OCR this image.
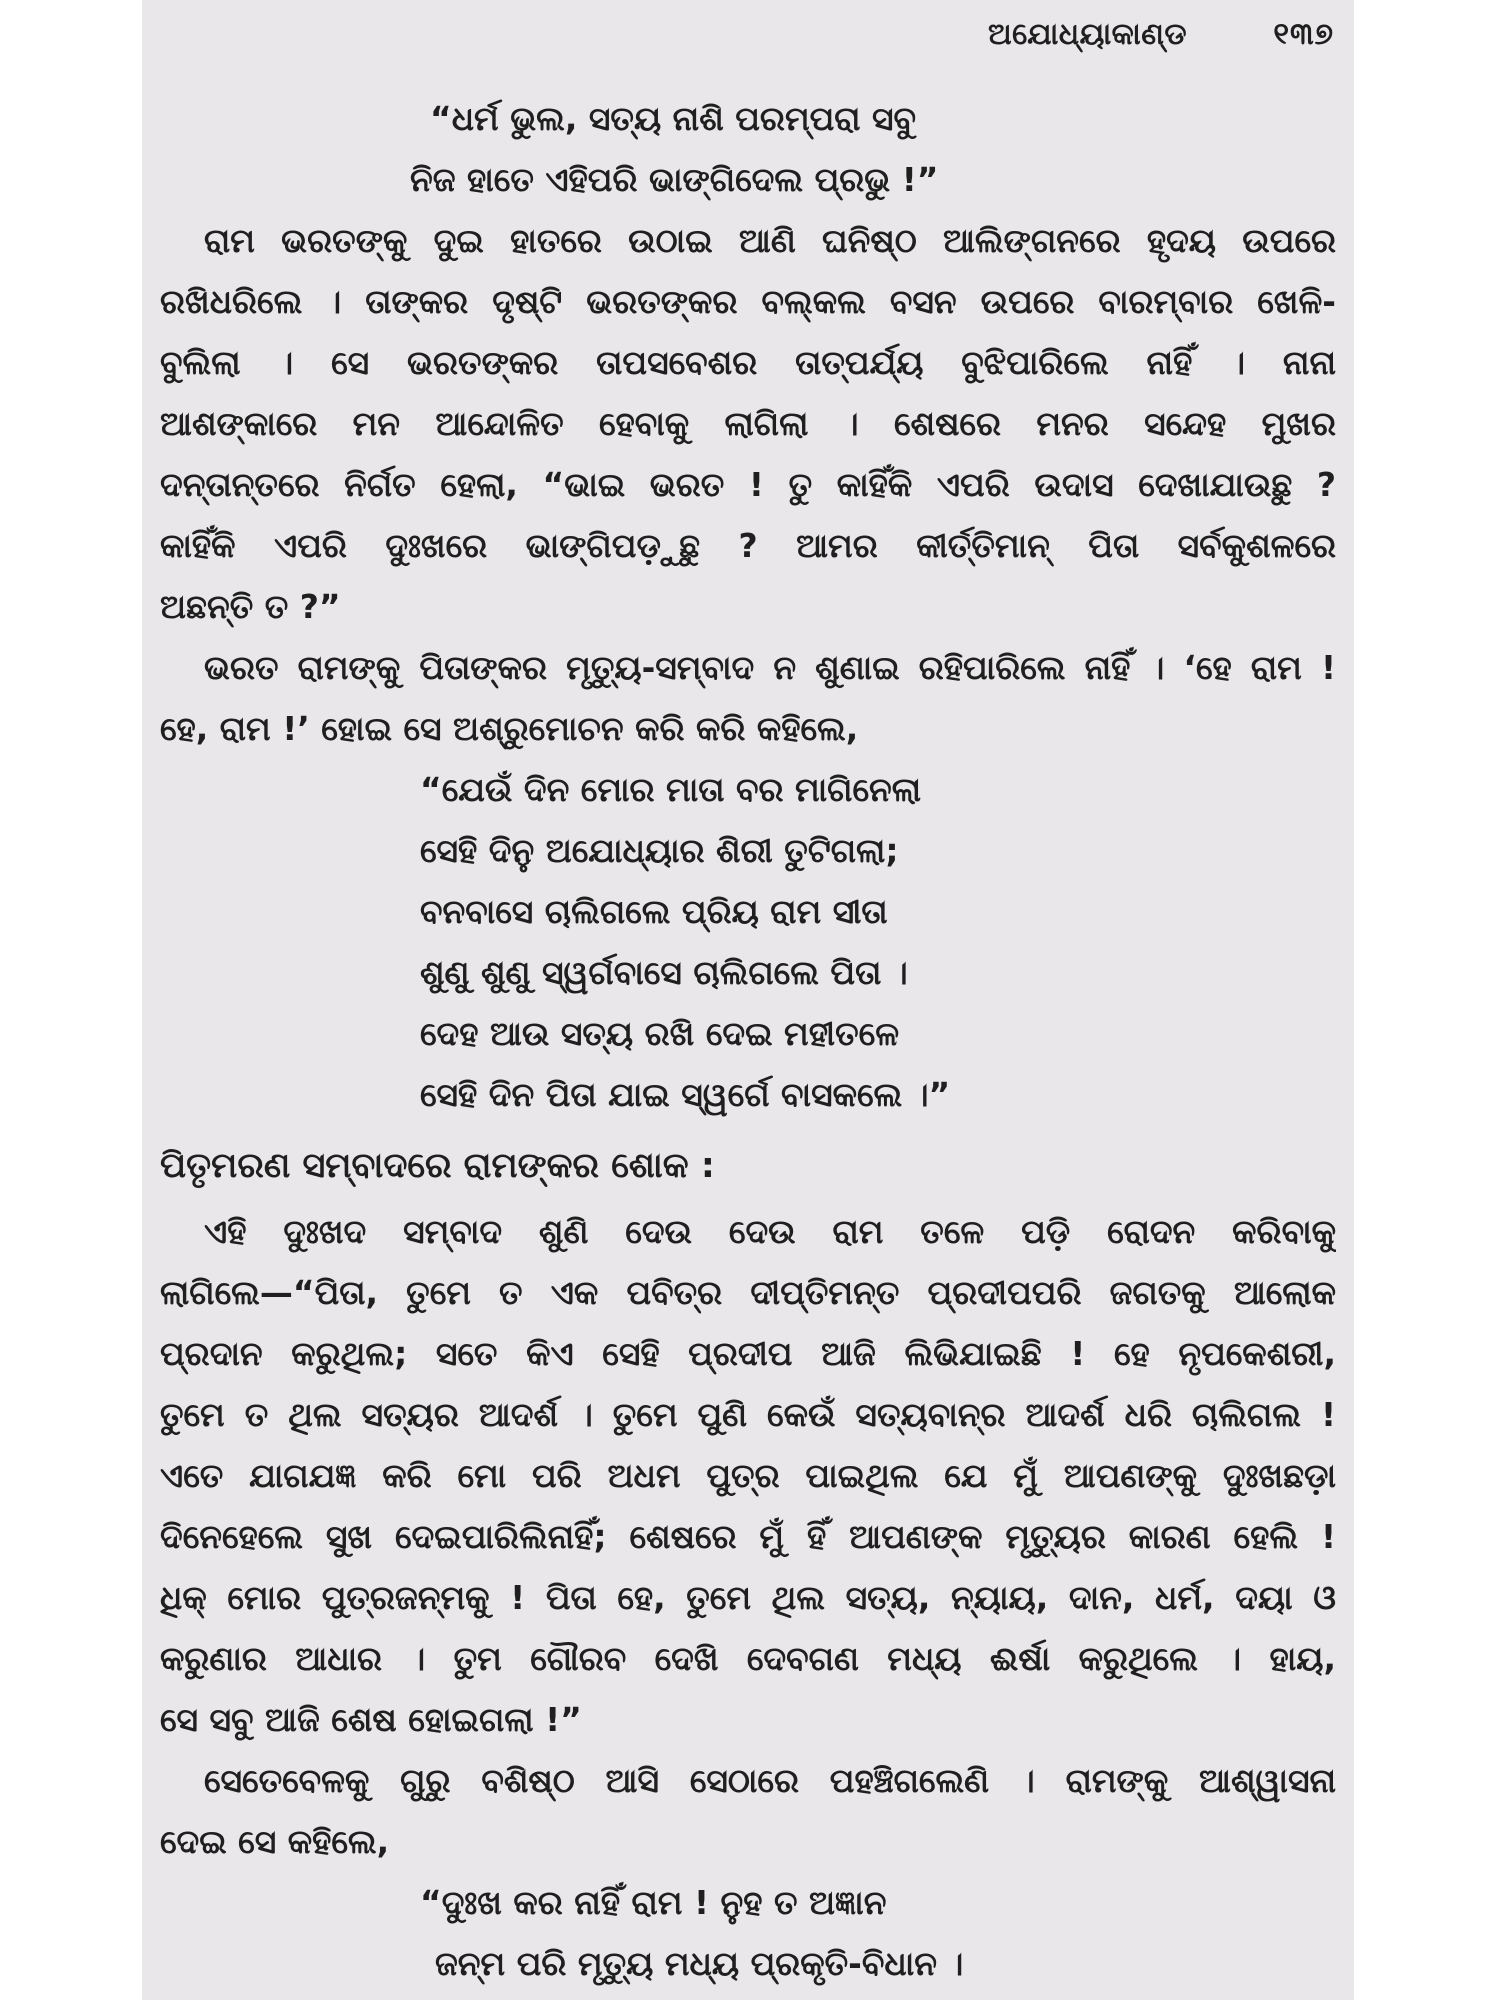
ଅଯୋଧ୍ୟାକାଣ୍ଡ	୧୩୭
“ଧର୍ମ ଭୁଲ, ସତ୍ୟ ନାଶି ପରମ୍ପରା ସବୁ
ନିଜ ହାତେ ଏହିପରି ଭାଙ୍ଗିଦେଲ ପ୍ରଭୁ !”
ରାମ ଭରତଙ୍କୁ ଦୁଇ ହାତରେ ଉଠାଇ ଆଣି ଘନିଷ୍ଠ ଆଲିଙ୍ଗନରେ ହୃଦୟ ଉପରେ
ରଖିଧରିଲେ । ତାଙ୍କର ଦୃଷ୍ଟି ଭରତଙ୍କର ବଲ୍‌କଲ ବସନ ଉପରେ ବାରମ୍ବାର ଖେଳି-
ବୁଲିଲା । ସେ ଭରତଙ୍କର ତାପସବେଶର ତାତ୍ପର୍ଯ୍ୟ ବୁଝିପାରିଲେ ନାହିଁ । ନାନା
ଆଶଙ୍କାରେ ମନ ଆନ୍ଦୋଳିତ ହେବାକୁ ଲାଗିଲା । ଶେଷରେ ମନର ସନ୍ଦେହ ମୁଖର
ଦନ୍ତାନ୍ତରେ ନିର୍ଗତ ହେଲା, “ଭାଇ ଭରତ ! ତୁ କାହିଁକି ଏପରି ଉଦାସ ଦେଖାଯାଉଛୁ ?
କାହିଁକି ଏପରି ଦୁଃଖରେ ଭାଙ୍ଗିପଡ଼ୁଛୁ ? ଆମର କୀର୍ତ୍ତିମାନ୍ ପିତା ସର୍ବକୁଶଳରେ
ଅଛନ୍ତି ତ ?”
ଭରତ ରାମଙ୍କୁ ପିତାଙ୍କର ମୃତ୍ୟୁ-ସମ୍ବାଦ ନ ଶୁଣାଇ ରହିପାରିଲେ ନାହିଁ । ‘ହେ ରାମ !
ହେ, ରାମ !’ ହୋଇ ସେ ଅଶ୍ରୁମୋଚନ କରି କରି କହିଲେ,
“ଯେଉଁ ଦିନ ମୋର ମାତା ବର ମାଗିନେଲା
ସେହି ଦିନୁ ଅଯୋଧ୍ୟାର ଶିରୀ ତୁଟିଗଲା;
ବନବାସେ ଚାଲିଗଲେ ପ୍ରିୟ ରାମ ସୀତା
ଶୁଣୁ ଶୁଣୁ ସ୍ୱର୍ଗବାସେ ଚାଲିଗଲେ ପିତା ।
ଦେହ ଆଉ ସତ୍ୟ ରଖି ଦେଇ ମହୀତଳେ
ସେହି ଦିନ ପିତା ଯାଇ ସ୍ୱର୍ଗେ ବାସକଲେ ।”
ପିତୃମରଣ ସମ୍ବାଦରେ ରାମଙ୍କର ଶୋକ :
ଏହି ଦୁଃଖଦ ସମ୍ବାଦ ଶୁଣି ଦେଉ ଦେଉ ରାମ ତଳେ ପଡ଼ି ରୋଦନ କରିବାକୁ
ଲାଗିଲେ—“ପିତା, ତୁମେ ତ ଏକ ପବିତ୍ର ଦୀପ୍ତିମନ୍ତ ପ୍ରଦୀପପରି ଜଗତକୁ ଆଲୋକ
ପ୍ରଦାନ କରୁଥିଲ; ସତେ କିଏ ସେହି ପ୍ରଦୀପ ଆଜି ଲିଭିଯାଇଛି ! ହେ ନୃପକେଶରୀ,
ତୁମେ ତ ଥିଲ ସତ୍ୟର ଆଦର୍ଶ । ତୁମେ ପୁଣି କେଉଁ ସତ୍ୟବାନ୍‌ର ଆଦର୍ଶ ଧରି ଚାଲିଗଲ !
ଏତେ ଯାଗଯଜ୍ଞ କରି ମୋ ପରି ଅଧମ ପୁତ୍ର ପାଇଥିଲ ଯେ ମୁଁ ଆପଣଙ୍କୁ ଦୁଃଖଛଡ଼ା
ଦିନେହେଲେ ସୁଖ ଦେଇପାରିଲିନାହିଁ; ଶେଷରେ ମୁଁ ହିଁ ଆପଣଙ୍କ ମୃତ୍ୟୁର କାରଣ ହେଲି !
ଧିକ୍ ମୋର ପୁତ୍ରଜନ୍ମକୁ ! ପିତା ହେ, ତୁମେ ଥିଲ ସତ୍ୟ, ନ୍ୟାୟ, ଦାନ, ଧର୍ମ, ଦୟା ଓ
କରୁଣାର ଆଧାର । ତୁମ ଗୌରବ ଦେଖି ଦେବଗଣ ମଧ୍ୟ ଈର୍ଷା କରୁଥିଲେ । ହାୟ,
ସେ ସବୁ ଆଜି ଶେଷ ହୋଇଗଲା !”
ସେତେବେଳକୁ ଗୁରୁ ବଶିଷ୍ଠ ଆସି ସେଠାରେ ପହଞ୍ଚିଗଲେଣି । ରାମଙ୍କୁ ଆଶ୍ୱାସନା
ଦେଇ ସେ କହିଲେ,
“ଦୁଃଖ କର ନାହିଁ ରାମ ! ନୁହ ତ ଅଜ୍ଞାନ
ଜନ୍ମ ପରି ମୃତ୍ୟୁ ମଧ୍ୟ ପ୍ରକୃତି-ବିଧାନ ।
